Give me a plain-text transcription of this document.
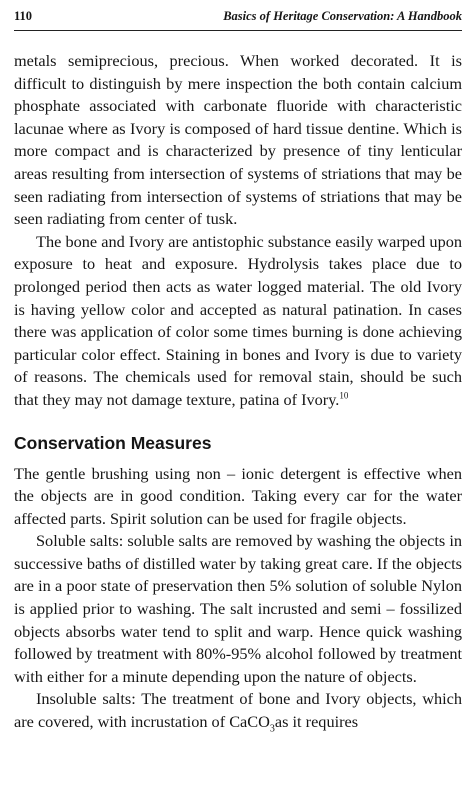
110	Basics of Heritage Conservation: A Handbook

metals semiprecious, precious. When worked decorated. It is difficult to distinguish by mere inspection the both contain calcium phosphate associated with carbonate fluoride with characteristic lacunae where as Ivory is composed of hard tissue dentine. Which is more compact and is characterized by presence of tiny lenticular areas resulting from intersection of systems of striations that may be seen radiating from intersection of systems of striations that may be seen radiating from center of tusk.

The bone and Ivory are antistophic substance easily warped upon exposure to heat and exposure. Hydrolysis takes place due to prolonged period then acts as water logged material. The old Ivory is having yellow color and accepted as natural patination. In cases there was application of color some times burning is done achieving particular color effect. Staining in bones and Ivory is due to variety of reasons. The chemicals used for removal stain, should be such that they may not damage texture, patina of Ivory.$^{10}$

Conservation Measures

The gentle brushing using non – ionic detergent is effective when the objects are in good condition. Taking every car for the water affected parts. Spirit solution can be used for fragile objects.

Soluble salts: soluble salts are removed by washing the objects in successive baths of distilled water by taking great care. If the objects are in a poor state of preservation then 5% solution of soluble Nylon is applied prior to washing. The salt incrusted and semi – fossilized objects absorbs water tend to split and warp. Hence quick washing followed by treatment with 80%-95% alcohol followed by treatment with either for a minute depending upon the nature of objects.

Insoluble salts: The treatment of bone and Ivory objects, which are covered, with incrustation of CaCO$_3$as it requires
